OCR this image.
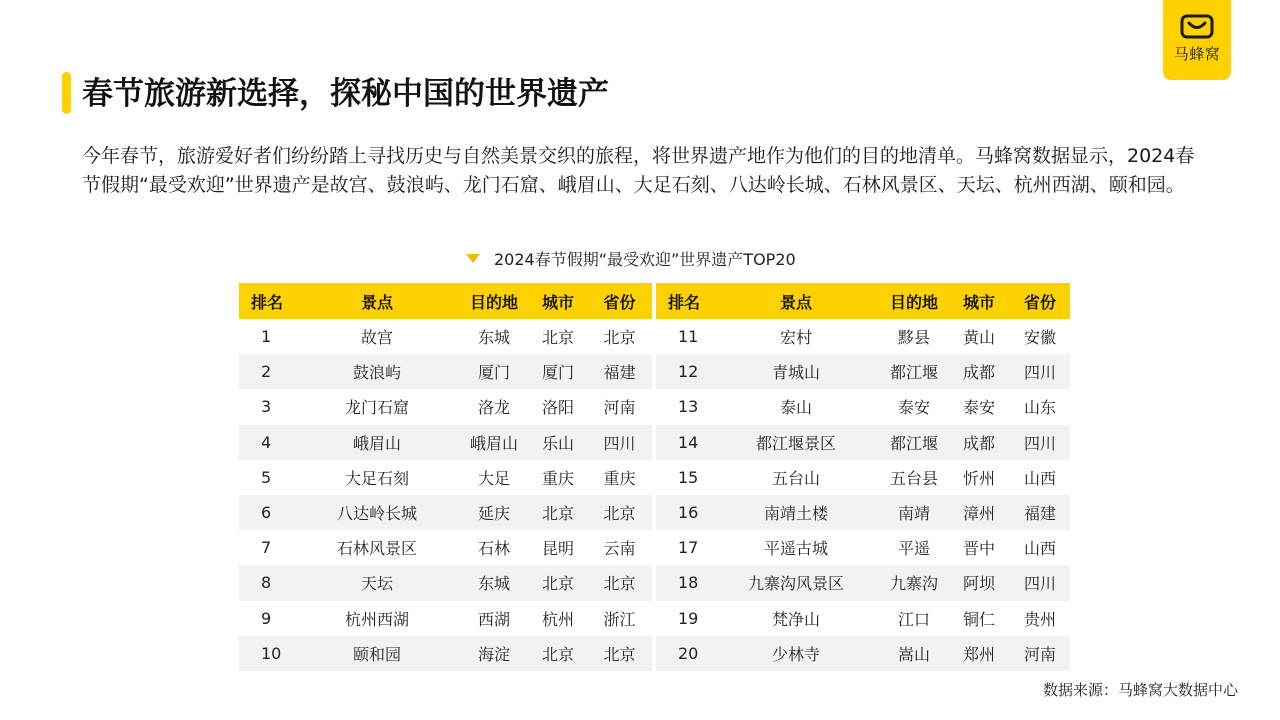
马蜂窝
春节旅游新选择，探秘中国的世界遗产

今年春节，旅游爱好者们纷纷踏上寻找历史与自然美景交织的旅程，将世界遗产地作为他们的目的地清单。马蜂窝数据显示，2024春节假期“最受欢迎”世界遗产是故宫、鼓浪屿、龙门石窟、峨眉山、大足石刻、八达岭长城、石林风景区、天坛、杭州西湖、颐和园。

2024春节假期“最受欢迎”世界遗产TOP20
排名	景点	目的地	城市	省份
1	故宫	东城	北京	北京
2	鼓浪屿	厦门	厦门	福建
3	龙门石窟	洛龙	洛阳	河南
4	峨眉山	峨眉山	乐山	四川
5	大足石刻	大足	重庆	重庆
6	八达岭长城	延庆	北京	北京
7	石林风景区	石林	昆明	云南
8	天坛	东城	北京	北京
9	杭州西湖	西湖	杭州	浙江
10	颐和园	海淀	北京	北京
排名	景点	目的地	城市	省份
11	宏村	黟县	黄山	安徽
12	青城山	都江堰	成都	四川
13	泰山	泰安	泰安	山东
14	都江堰景区	都江堰	成都	四川
15	五台山	五台县	忻州	山西
16	南靖土楼	南靖	漳州	福建
17	平遥古城	平遥	晋中	山西
18	九寨沟风景区	九寨沟	阿坝	四川
19	梵净山	江口	铜仁	贵州
20	少林寺	嵩山	郑州	河南
数据来源：马蜂窝大数据中心
